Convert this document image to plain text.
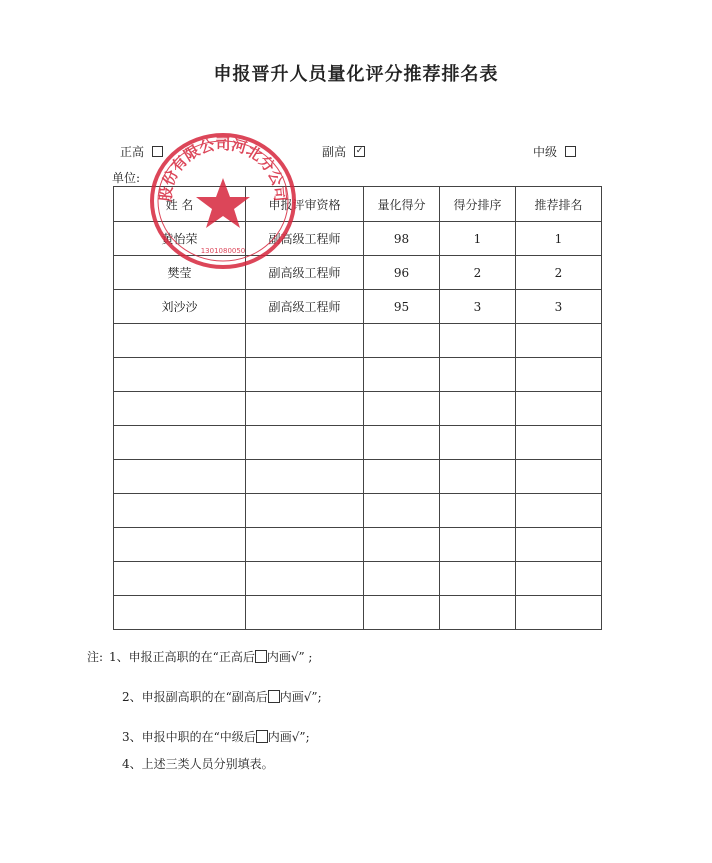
申报晋升人员量化评分推荐排名表
正高	副高 ✓	中级
单位:
姓 名	申报评审资格	量化得分	得分排序	推荐排名
黄怡荣	副高级工程师	98	1	1
樊莹	副高级工程师	96	2	2
刘沙沙	副高级工程师	95	3	3

股份有限公司河北分公司
1301080050
注: 1、申报正高职的在“正高后 内画√” ;
2、申报副高职的在“副高后 内画√”;
3、申报中职的在“中级后 内画√”;
4、上述三类人员分别填表。
